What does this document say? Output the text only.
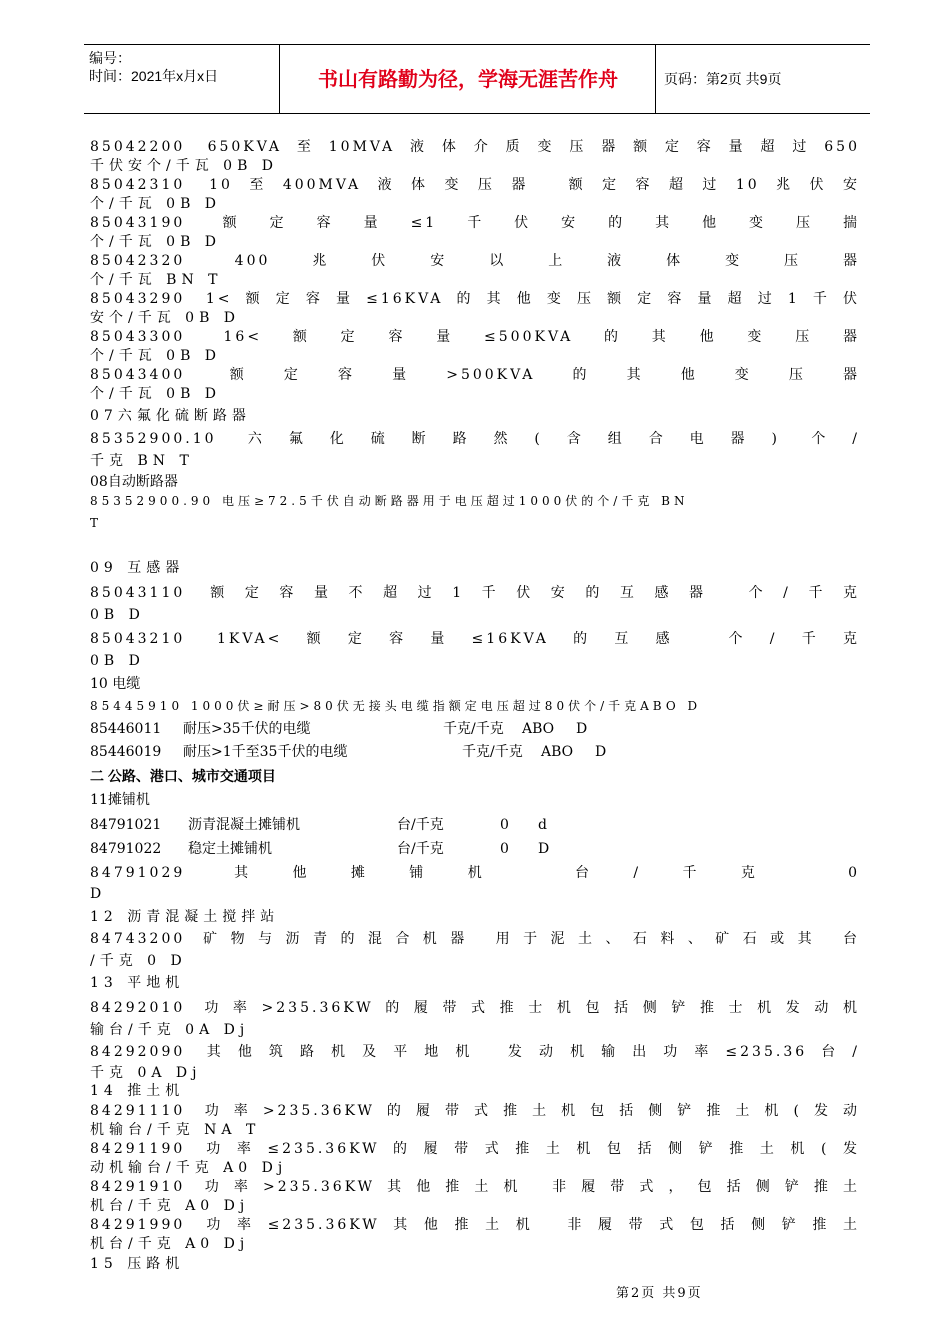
编号：
时间：2021年x月x日	书山有路勤为径，学海无涯苦作舟	页码：第2页 共9页
85042200 650KVA至10MVA液体介质变压器额定容量超过650
千伏安个/千瓦 0B D
85042310 10至400MVA液体变压器 额定容超过10兆伏安
个/千瓦 0B D
85043190 额定容量≤1千伏安的其他变压揣
个/千瓦 0B D
85042320 400兆伏安以上液体变压器
个/千瓦 BN T
85043290 1<额定容量≤16KVA的其他变压额定容量超过1千伏
安个/千瓦 0B D
85043300 16<额定容量≤500KVA的其他变压器
个/千瓦 0B D
85043400 额定容量>500KVA的其他变压器
个/千瓦 0B D
07六氟化硫断路器
85352900.10 六氟化硫断路然(含组合电器) 个/
千克 BN T
08自动断路器
85352900.90 电压≥72.5千伏自动断路器用于电压超过1000伏的个/千克 BN
T
09 互感器
85043110 额定容量不超过1千伏安的互感器 个/千克
0B D
85043210 1KVA<额定容量≤16KVA的互感 个/千克
0B D
10 电缆
85445910 1000伏≥耐压>80伏无接头电缆指额定电压超过80伏个/千克ABO D
85446011 耐压>35千伏的电缆	千克/千克 ABO D
85446019 耐压>1千至35千伏的电缆	千克/千克 ABO D
二 公路、港口、城市交通项目
11摊铺机
84791021 沥青混凝土摊铺机	台/千克	0 d
84791022 稳定土摊铺机	台/千克	0 D
84791029 其他摊铺机 台/千克 0
D
12 沥青混凝土搅拌站
84743200 矿物与沥青的混合机器 用于泥土、石料、矿石或其 台
/千克 0 D
13 平地机
84292010 功率>235.36KW的履带式推士机包括侧铲推士机发动机
输台/千克 0A Dj
84292090 其他筑路机及平地机 发动机输出功率≤235.36台/
千克 0A Dj
14 推土机
84291110 功率>235.36KW的履带式推土机包括侧铲推土机(发动
机输台/千克 NA T
84291190 功率≤235.36KW的履带式推土机包括侧铲推土机(发
动机输台/千克 A0 Dj
84291910 功率>235.36KW其他推土机 非履带式，包括侧铲推土
机台/千克 A0 Dj
84291990 功率≤235.36KW其他推土机 非履带式包括侧铲推土
机台/千克 A0 Dj
15 压路机
第2页 共9页
